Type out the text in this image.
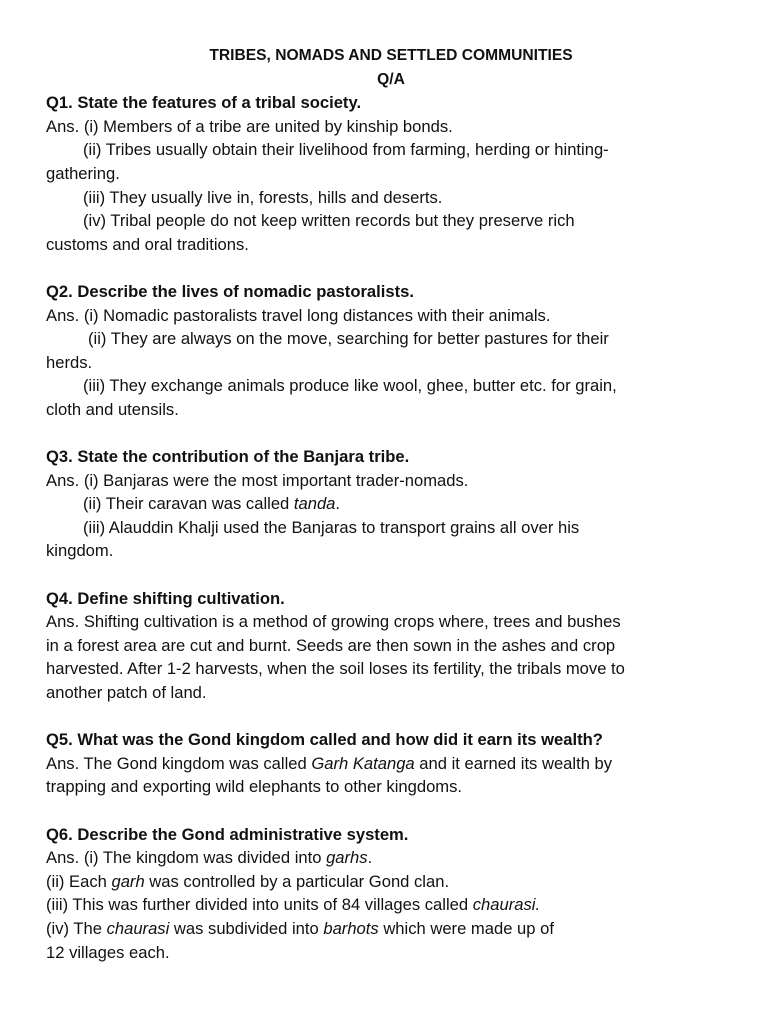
TRIBES, NOMADS AND SETTLED COMMUNITIES

Q/A

Q1. State the features of a tribal society.

Ans. (i) Members of a tribe are united by kinship bonds.

(ii) Tribes usually obtain their livelihood from farming, herding or hinting-

gathering.

(iii) They usually live in, forests, hills and deserts.

(iv) Tribal people do not keep written records but they preserve rich

customs and oral traditions.

Q2. Describe the lives of nomadic pastoralists.

Ans. (i) Nomadic pastoralists travel long distances with their animals.

(ii) They are always on the move, searching for better pastures for their

herds.

(iii) They exchange animals produce like wool, ghee, butter etc. for grain,

cloth and utensils.

Q3. State the contribution of the Banjara tribe.

Ans. (i) Banjaras were the most important trader-nomads.

(ii) Their caravan was called tanda.

(iii) Alauddin Khalji used the Banjaras to transport grains all over his

kingdom.

Q4. Define shifting cultivation.

Ans. Shifting cultivation is a method of growing crops where, trees and bushes

in a forest area are cut and burnt. Seeds are then sown in the ashes and crop

harvested. After 1-2 harvests, when the soil loses its fertility, the tribals move to

another patch of land.

Q5. What was the Gond kingdom called and how did it earn its wealth?

Ans. The Gond kingdom was called Garh Katanga and it earned its wealth by

trapping and exporting wild elephants to other kingdoms.

Q6. Describe the Gond administrative system.

Ans. (i) The kingdom was divided into garhs.

(ii) Each garh was controlled by a particular Gond clan.

(iii) This was further divided into units of 84 villages called chaurasi.

(iv) The chaurasi was subdivided into barhots which were made up of

12 villages each.
